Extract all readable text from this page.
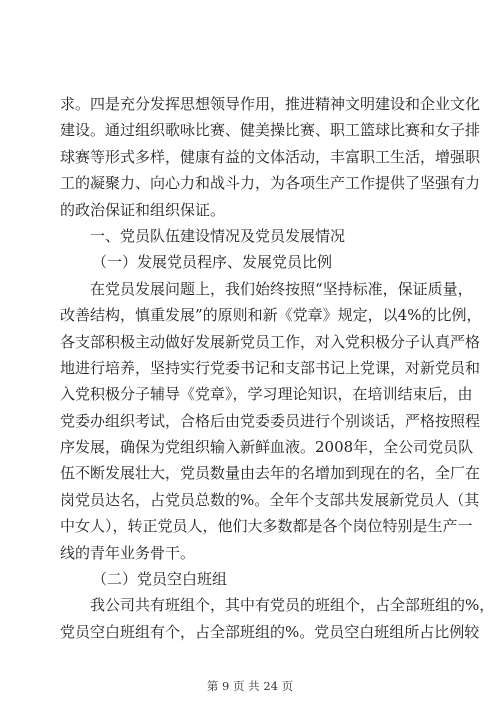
求。四是充分发挥思想领导作用，推进精神文明建设和企业文化
建设。通过组织歌咏比赛、健美操比赛、职工篮球比赛和女子排
球赛等形式多样，健康有益的文体活动，丰富职工生活，增强职
工的凝聚力、向心力和战斗力，为各项生产工作提供了坚强有力
的政治保证和组织保证。
一、党员队伍建设情况及党员发展情况
（一）发展党员程序、发展党员比例
在党员发展问题上，我们始终按照“坚持标准，保证质量，
改善结构，慎重发展”的原则和新《党章》规定，以4%的比例，
各支部积极主动做好发展新党员工作，对入党积极分子认真严格
地进行培养，坚持实行党委书记和支部书记上党课，对新党员和
入党积极分子辅导《党章》，学习理论知识，在培训结束后，由
党委办组织考试，合格后由党委委员进行个别谈话，严格按照程
序发展，确保为党组织输入新鲜血液。2008年，全公司党员队
伍不断发展壮大，党员数量由去年的名增加到现在的名，全厂在
岗党员达名，占党员总数的%。全年个支部共发展新党员人（其
中女人），转正党员人，他们大多数都是各个岗位特别是生产一
线的青年业务骨干。
（二）党员空白班组
我公司共有班组个，其中有党员的班组个，占全部班组的%，
党员空白班组有个，占全部班组的%。党员空白班组所占比例较
第 9 页 共 24 页
